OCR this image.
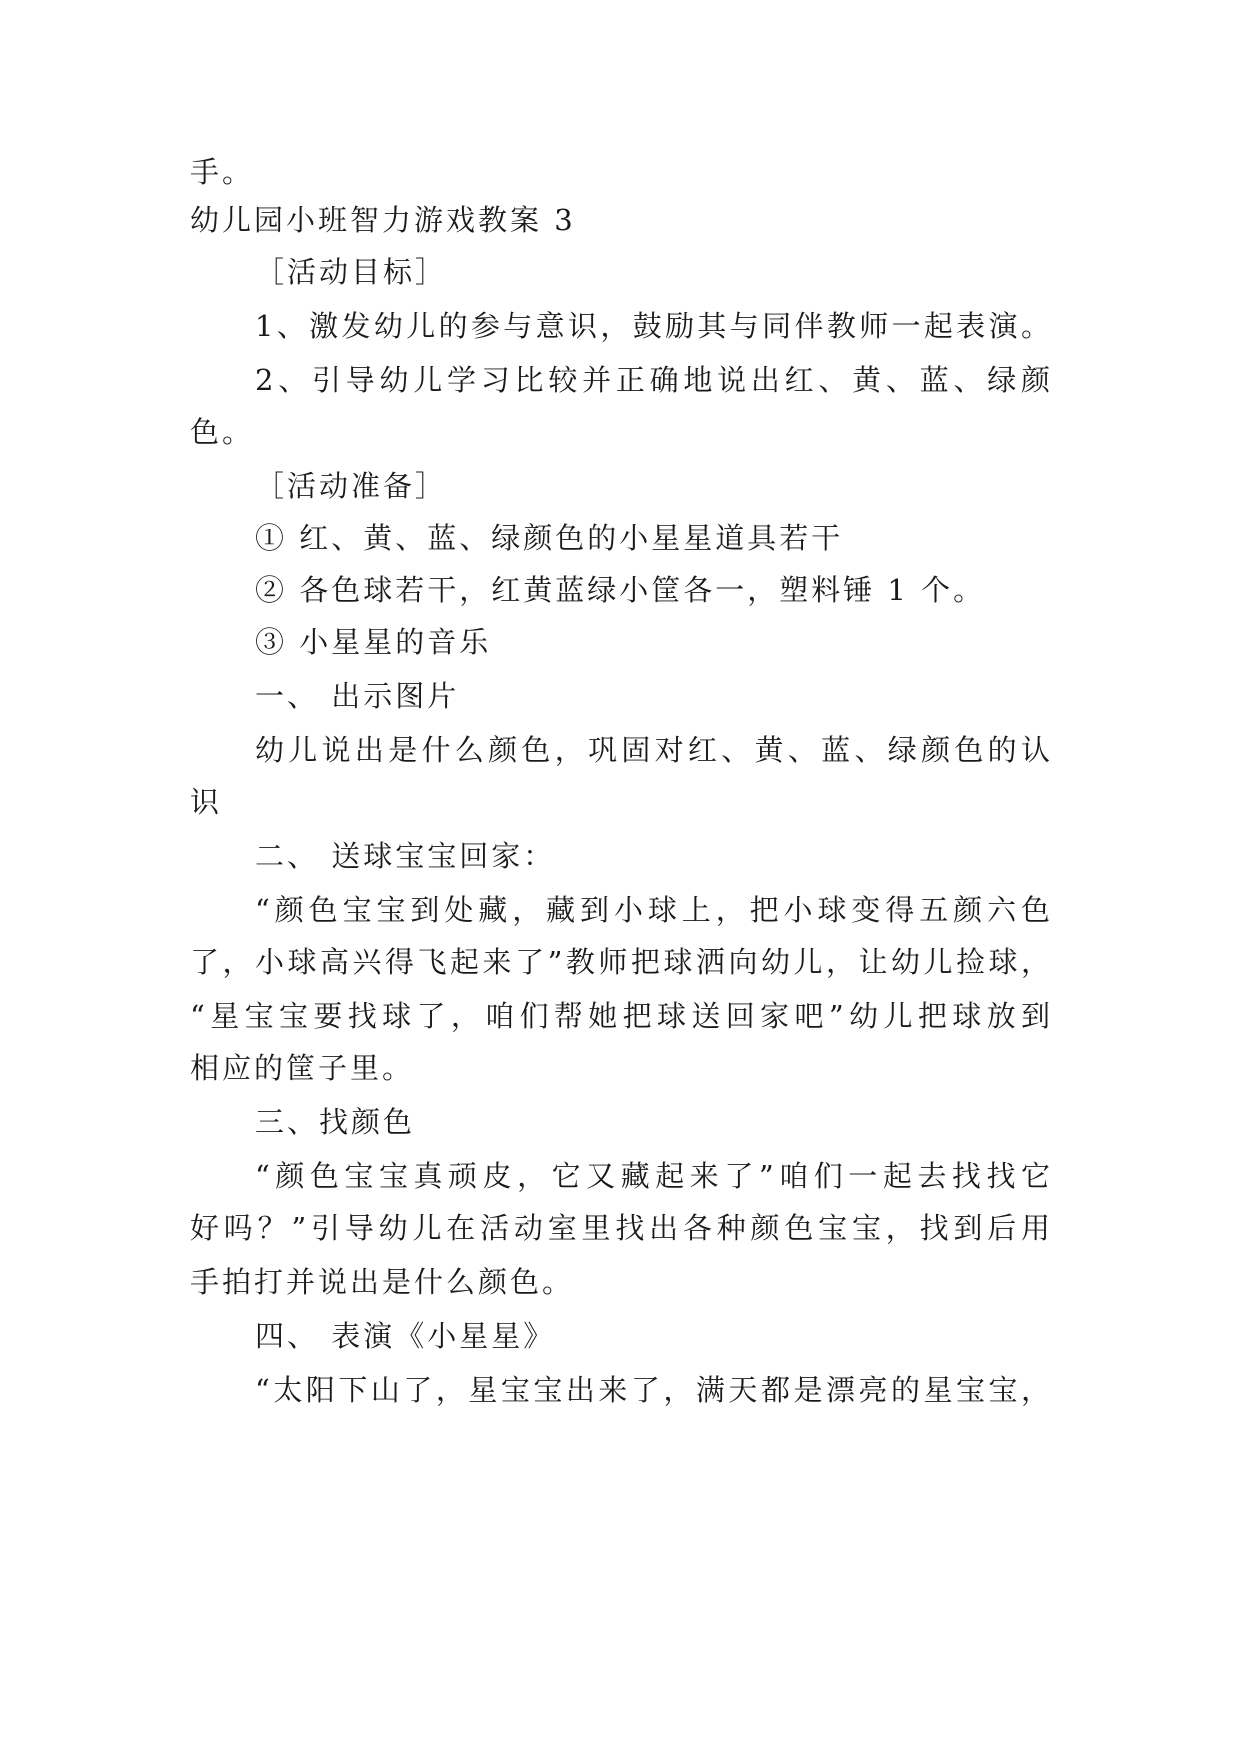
手。
幼儿园小班智力游戏教案 3
［活动目标］
1、激发幼儿的参与意识，鼓励其与同伴教师一起表演。
2、引导幼儿学习比较并正确地说出红、黄、蓝、绿颜
色。
［活动准备］
① 红、黄、蓝、绿颜色的小星星道具若干
② 各色球若干，红黄蓝绿小筐各一，塑料锤 1 个。
③ 小星星的音乐
一、 出示图片
幼儿说出是什么颜色，巩固对红、黄、蓝、绿颜色的认
识
二、 送球宝宝回家：
“颜色宝宝到处藏，藏到小球上，把小球变得五颜六色
了，小球高兴得飞起来了”教师把球洒向幼儿，让幼儿捡球，
“星宝宝要找球了，咱们帮她把球送回家吧”幼儿把球放到
相应的筐子里。
三、找颜色
“颜色宝宝真顽皮，它又藏起来了”咱们一起去找找它
好吗？”引导幼儿在活动室里找出各种颜色宝宝，找到后用
手拍打并说出是什么颜色。
四、 表演《小星星》
“太阳下山了，星宝宝出来了，满天都是漂亮的星宝宝，
